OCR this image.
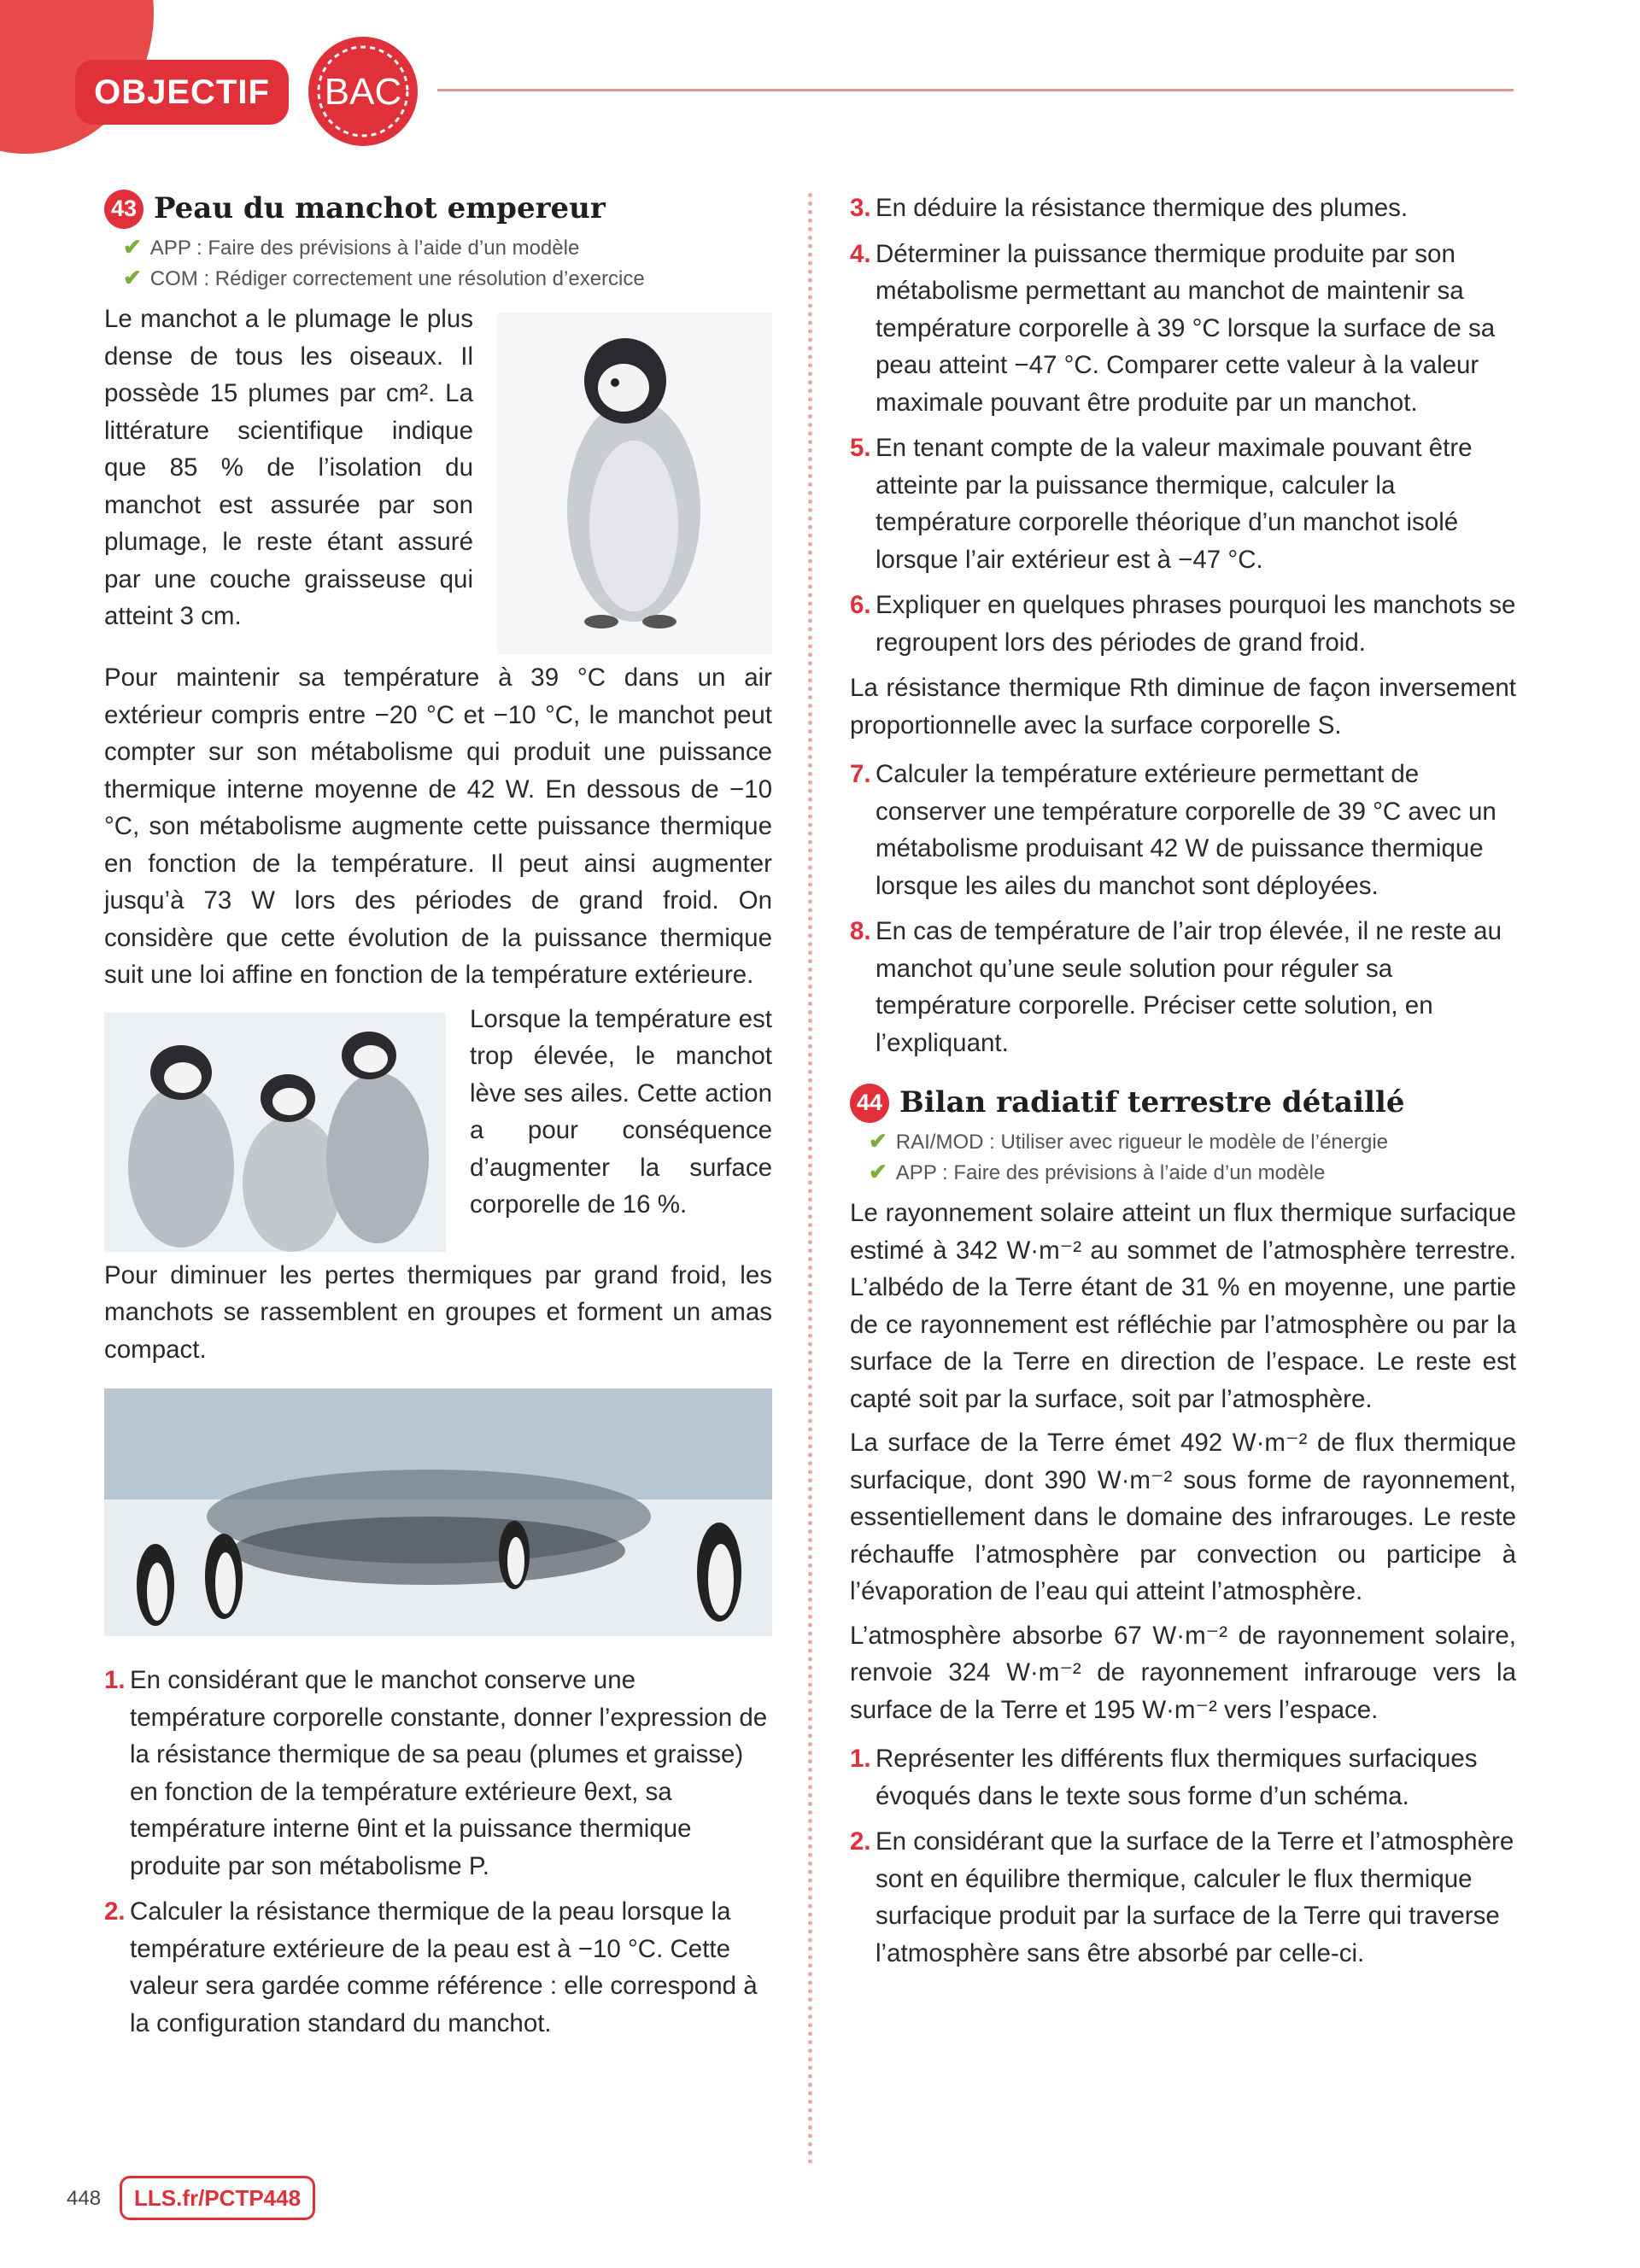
OBJECTIF	BAC
43 Peau du manchot empereur
✔ APP : Faire des prévisions à l’aide d’un modèle
✔ COM : Rédiger correctement une résolution d’exercice

Le manchot a le plumage le plus dense de tous les oiseaux. Il possède 15 plumes par cm². La littérature scientifique indique que 85 % de l’isolation du manchot est assurée par son plumage, le reste étant assuré par une couche graisseuse qui atteint 3 cm.

Pour maintenir sa température à 39 °C dans un air extérieur compris entre −20 °C et −10 °C, le manchot peut compter sur son métabolisme qui produit une puissance thermique interne moyenne de 42 W. En dessous de −10 °C, son métabolisme augmente cette puissance thermique en fonction de la température. Il peut ainsi augmenter jusqu’à 73 W lors des périodes de grand froid. On considère que cette évolution de la puissance thermique suit une loi affine en fonction de la température extérieure.

Lorsque la température est trop élevée, le manchot lève ses ailes. Cette action a pour conséquence d’augmenter la surface corporelle de 16 %.

Pour diminuer les pertes thermiques par grand froid, les manchots se rassemblent en groupes et forment un amas compact.

1. En considérant que le manchot conserve une température corporelle constante, donner l’expression de la résistance thermique de sa peau (plumes et graisse) en fonction de la température extérieure θext, sa température interne θint et la puissance thermique produite par son métabolisme P.
2. Calculer la résistance thermique de la peau lorsque la température extérieure de la peau est à −10 °C. Cette valeur sera gardée comme référence : elle correspond à la configuration standard du manchot.
3. En déduire la résistance thermique des plumes.
4. Déterminer la puissance thermique produite par son métabolisme permettant au manchot de maintenir sa température corporelle à 39 °C lorsque la surface de sa peau atteint −47 °C. Comparer cette valeur à la valeur maximale pouvant être produite par un manchot.
5. En tenant compte de la valeur maximale pouvant être atteinte par la puissance thermique, calculer la température corporelle théorique d’un manchot isolé lorsque l’air extérieur est à −47 °C.
6. Expliquer en quelques phrases pourquoi les manchots se regroupent lors des périodes de grand froid.

La résistance thermique Rth diminue de façon inversement proportionnelle avec la surface corporelle S.

7. Calculer la température extérieure permettant de conserver une température corporelle de 39 °C avec un métabolisme produisant 42 W de puissance thermique lorsque les ailes du manchot sont déployées.
8. En cas de température de l’air trop élevée, il ne reste au manchot qu’une seule solution pour réguler sa température corporelle. Préciser cette solution, en l’expliquant.
44 Bilan radiatif terrestre détaillé
✔ RAI/MOD : Utiliser avec rigueur le modèle de l’énergie
✔ APP : Faire des prévisions à l’aide d’un modèle

Le rayonnement solaire atteint un flux thermique surfacique estimé à 342 W·m⁻² au sommet de l’atmosphère terrestre. L’albédo de la Terre étant de 31 % en moyenne, une partie de ce rayonnement est réfléchie par l’atmosphère ou par la surface de la Terre en direction de l’espace. Le reste est capté soit par la surface, soit par l’atmosphère.

La surface de la Terre émet 492 W·m⁻² de flux thermique surfacique, dont 390 W·m⁻² sous forme de rayonnement, essentiellement dans le domaine des infrarouges. Le reste réchauffe l’atmosphère par convection ou participe à l’évaporation de l’eau qui atteint l’atmosphère.

L’atmosphère absorbe 67 W·m⁻² de rayonnement solaire, renvoie 324 W·m⁻² de rayonnement infrarouge vers la surface de la Terre et 195 W·m⁻² vers l’espace.

1. Représenter les différents flux thermiques surfaciques évoqués dans le texte sous forme d’un schéma.
2. En considérant que la surface de la Terre et l’atmosphère sont en équilibre thermique, calculer le flux thermique surfacique produit par la surface de la Terre qui traverse l’atmosphère sans être absorbé par celle-ci.
448	LLS.fr/PCTP448
